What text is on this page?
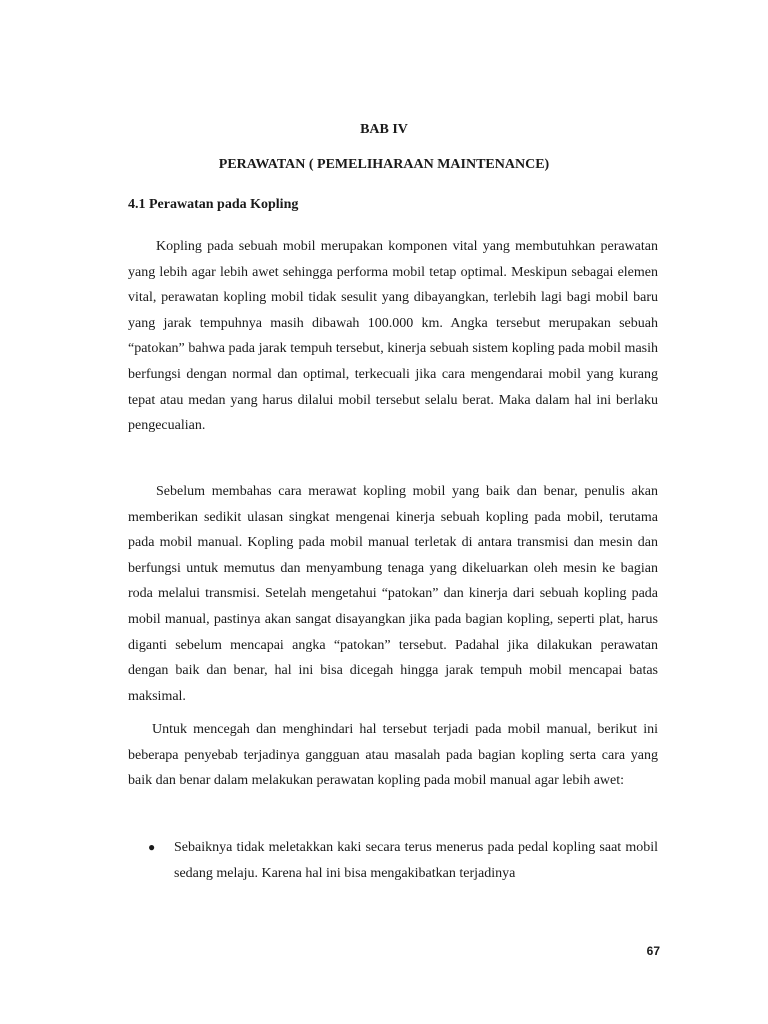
BAB IV
PERAWATAN ( PEMELIHARAAN MAINTENANCE)
4.1 Perawatan pada Kopling

Kopling pada sebuah mobil merupakan komponen vital yang membutuhkan perawatan yang lebih agar lebih awet sehingga performa mobil tetap optimal. Meskipun sebagai elemen vital, perawatan kopling mobil tidak sesulit yang dibayangkan, terlebih lagi bagi mobil baru yang jarak tempuhnya masih dibawah 100.000 km. Angka tersebut merupakan sebuah “patokan” bahwa pada jarak tempuh tersebut, kinerja sebuah sistem kopling pada mobil masih berfungsi dengan normal dan optimal, terkecuali jika cara mengendarai mobil yang kurang tepat atau medan yang harus dilalui mobil tersebut selalu berat. Maka dalam hal ini berlaku pengecualian.

Sebelum membahas cara merawat kopling mobil yang baik dan benar, penulis akan memberikan sedikit ulasan singkat mengenai kinerja sebuah kopling pada mobil, terutama pada mobil manual. Kopling pada mobil manual terletak di antara transmisi dan mesin dan berfungsi untuk memutus dan menyambung tenaga yang dikeluarkan oleh mesin ke bagian roda melalui transmisi. Setelah mengetahui “patokan” dan kinerja dari sebuah kopling pada mobil manual, pastinya akan sangat disayangkan jika pada bagian kopling, seperti plat, harus diganti sebelum mencapai angka “patokan” tersebut. Padahal jika dilakukan perawatan dengan baik dan benar, hal ini bisa dicegah hingga jarak tempuh mobil mencapai batas maksimal.

Untuk mencegah dan menghindari hal tersebut terjadi pada mobil manual, berikut ini beberapa penyebab terjadinya gangguan atau masalah pada bagian kopling serta cara yang baik dan benar dalam melakukan perawatan kopling pada mobil manual agar lebih awet:

● Sebaiknya tidak meletakkan kaki secara terus menerus pada pedal kopling saat mobil sedang melaju. Karena hal ini bisa mengakibatkan terjadinya
67
